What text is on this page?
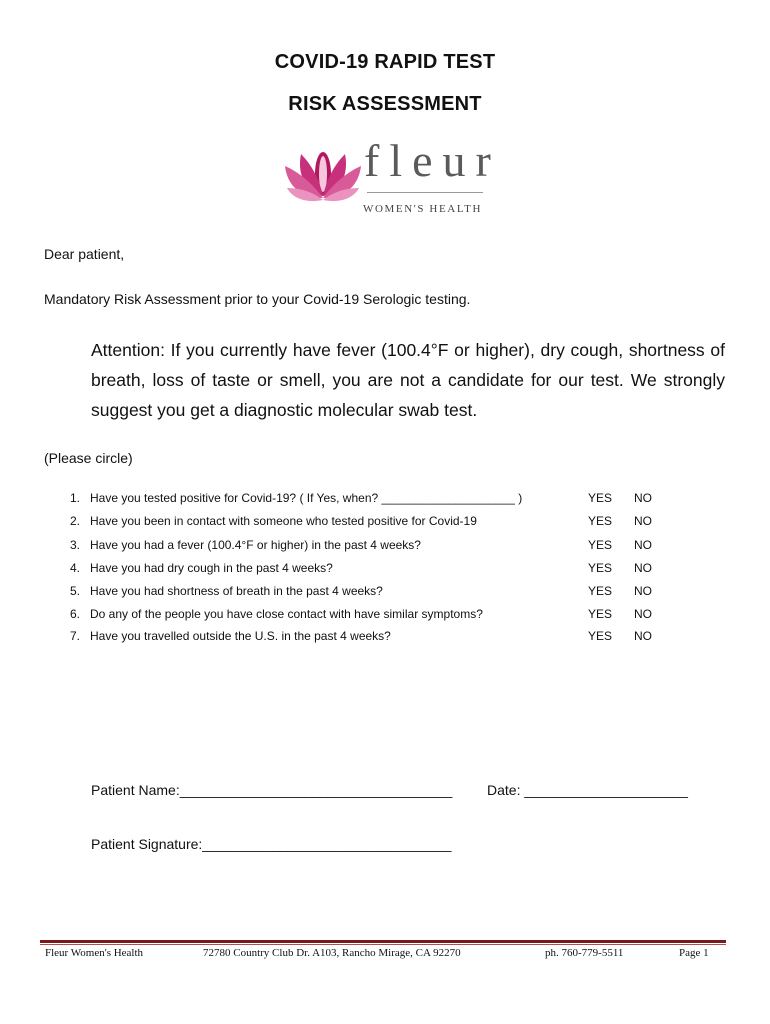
COVID-19 RAPID TEST
RISK ASSESSMENT
fleur
WOMEN'S HEALTH
Dear patient,
Mandatory Risk Assessment prior to your Covid-19 Serologic testing.
Attention: If you currently have fever (100.4°F or higher), dry cough, shortness of breath, loss of taste or smell, you are not a candidate for our test. We strongly suggest you get a diagnostic molecular swab test.
(Please circle)
1. Have you tested positive for Covid-19? ( If Yes, when? ____________________ )	YES NO
2. Have you been in contact with someone who tested positive for Covid-19	YES NO
3. Have you had a fever (100.4°F or higher) in the past 4 weeks?	YES NO
4. Have you had dry cough in the past 4 weeks?	YES NO
5. Have you had shortness of breath in the past 4 weeks?	YES NO
6. Do any of the people you have close contact with have similar symptoms?	YES NO
7. Have you travelled outside the U.S. in the past 4 weeks?	YES NO
Patient Name:___________________________________ Date: _____________________
Patient Signature:________________________________
Fleur Women's Health	72780 Country Club Dr. A103, Rancho Mirage, CA 92270	ph. 760-779-5511	Page 1
